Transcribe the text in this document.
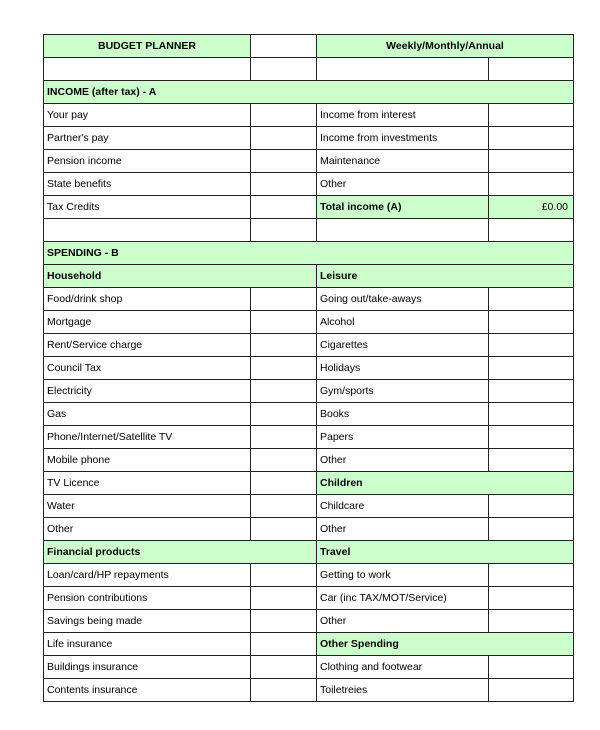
BUDGET PLANNER		Weekly/Monthly/Annual	

INCOME (after tax) - A			
Your pay		Income from interest	
Partner's pay		Income from investments	
Pension income		Maintenance	
State benefits		Other	
Tax Credits		Total income (A)	£0.00

SPENDING - B			
Household		Leisure	
Food/drink shop		Going out/take-aways	
Mortgage		Alcohol	
Rent/Service charge		Cigarettes	
Council Tax		Holidays	
Electricity		Gym/sports	
Gas		Books	
Phone/Internet/Satellite TV		Papers	
Mobile phone		Other	
TV Licence		Children	
Water		Childcare	
Other		Other	
Financial products		Travel	
Loan/card/HP repayments		Getting to work	
Pension contributions		Car (inc TAX/MOT/Service)	
Savings being made		Other	
Life insurance		Other Spending	
Buildings insurance		Clothing and footwear	
Contents insurance		Toiletreies	
